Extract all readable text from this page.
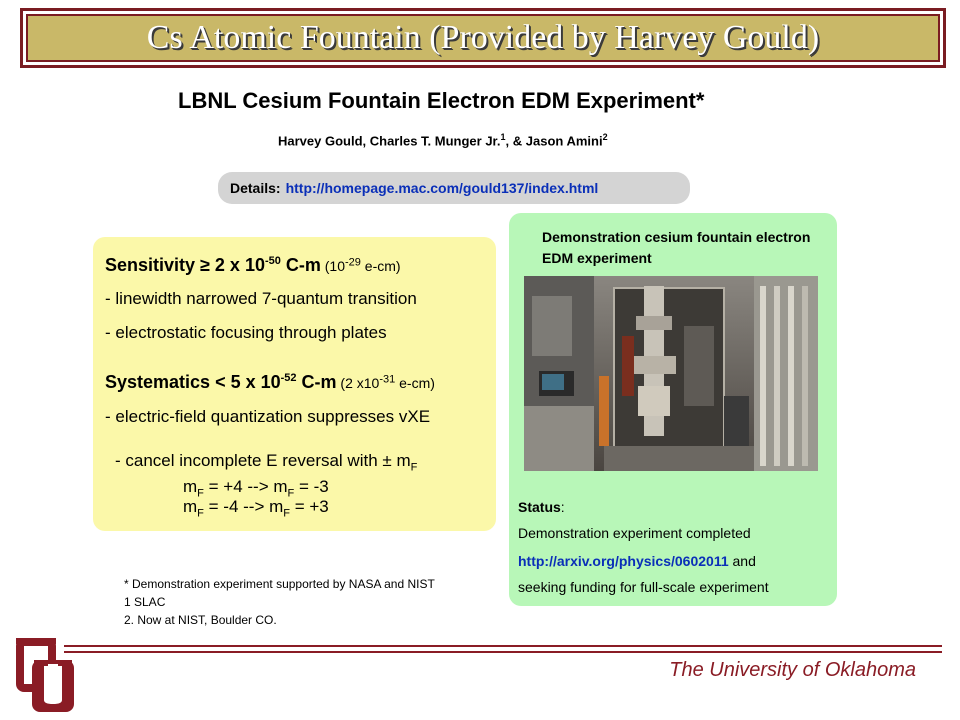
Cs Atomic Fountain (Provided by Harvey Gould)
LBNL Cesium Fountain Electron EDM Experiment*
Harvey Gould, Charles T. Munger Jr.$^1$, & Jason Amini$^2$
Details: http://homepage.mac.com/gould137/index.html
Sensitivity ≥ 2 x $10^{-50}$ C-m ($10^{-29}$ e-cm)
- linewidth narrowed 7-quantum transition
- electrostatic focusing through plates
Systematics < 5 x $10^{-52}$ C-m (2 $x10^{-31}$ e-cm)
- electric-field quantization suppresses vXE
- cancel incomplete E reversal with ± $m_F$
$m_F = +4$ --> $m_F = -3$
$m_F = -4$ --> $m_F = +3$
* Demonstration experiment supported by NASA and NIST
1 SLAC
2. Now at NIST, Boulder CO.
Demonstration cesium fountain electron EDM experiment
Status:
Demonstration experiment completed
http://arxiv.org/physics/0602011 and
seeking funding for full-scale experiment
The University of Oklahoma
